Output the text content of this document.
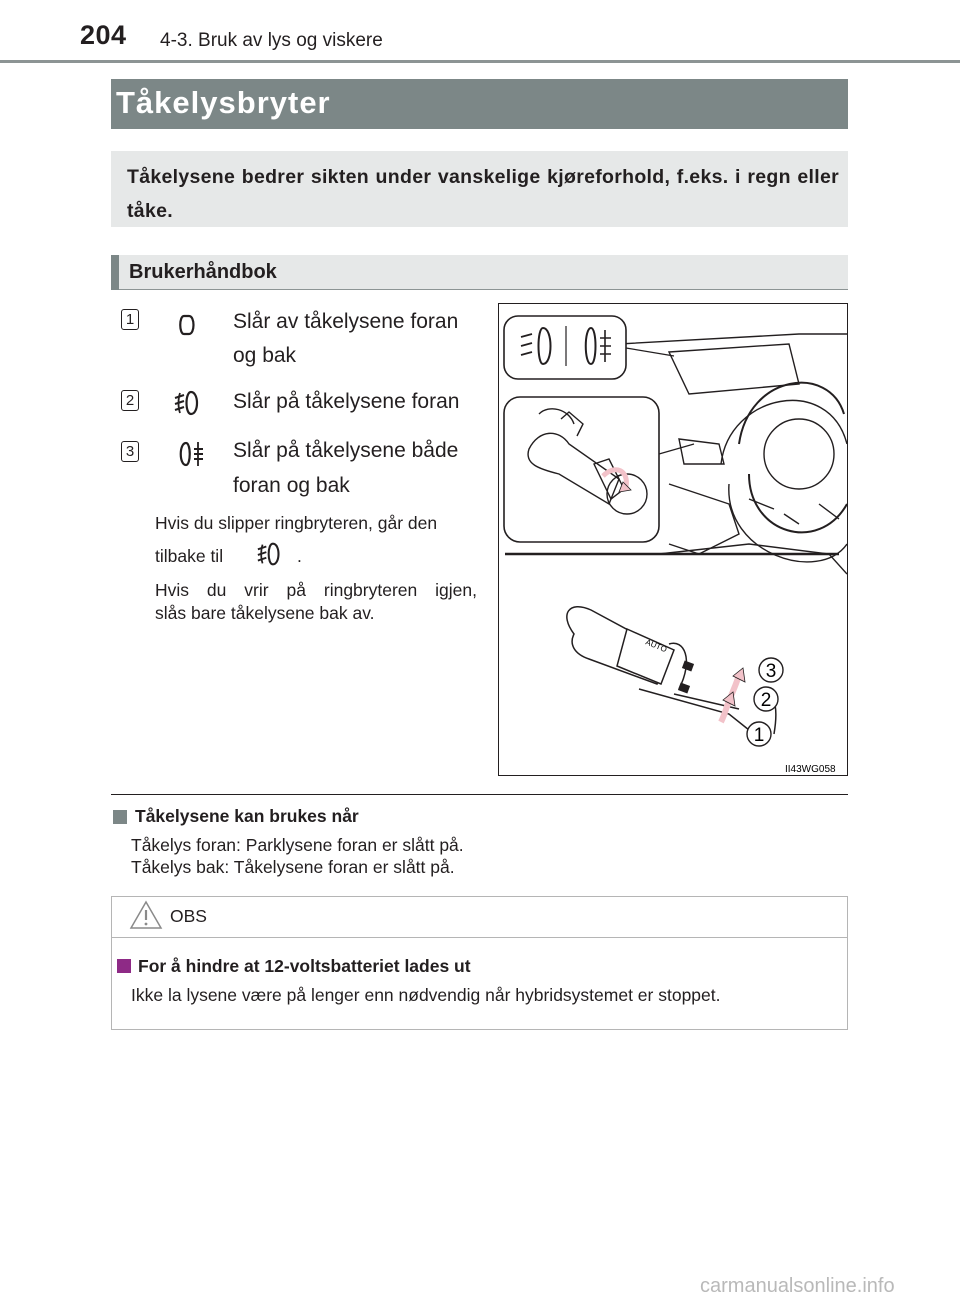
204 4-3. Bruk av lys og viskere
Tåkelysbryter
Tåkelysene bedrer sikten under vanskelige kjøreforhold, f.eks. i regn eller tåke.
Brukerhåndbok
1	Slår av tåkelysene foran
og bak
2	Slår på tåkelysene foran
3	Slår på tåkelysene både
foran og bak
Hvis du slipper ringbryteren, går den
tilbake til	.
Hvis du vrir på ringbryteren igjen,
slås bare tåkelysene bak av.
AUTO
3
2
1
II43WG058
Tåkelysene kan brukes når
Tåkelys foran: Parklysene foran er slått på.
Tåkelys bak: Tåkelysene foran er slått på.
OBS
For å hindre at 12-voltsbatteriet lades ut
Ikke la lysene være på lenger enn nødvendig når hybridsystemet er stoppet.
carmanualsonline.info
